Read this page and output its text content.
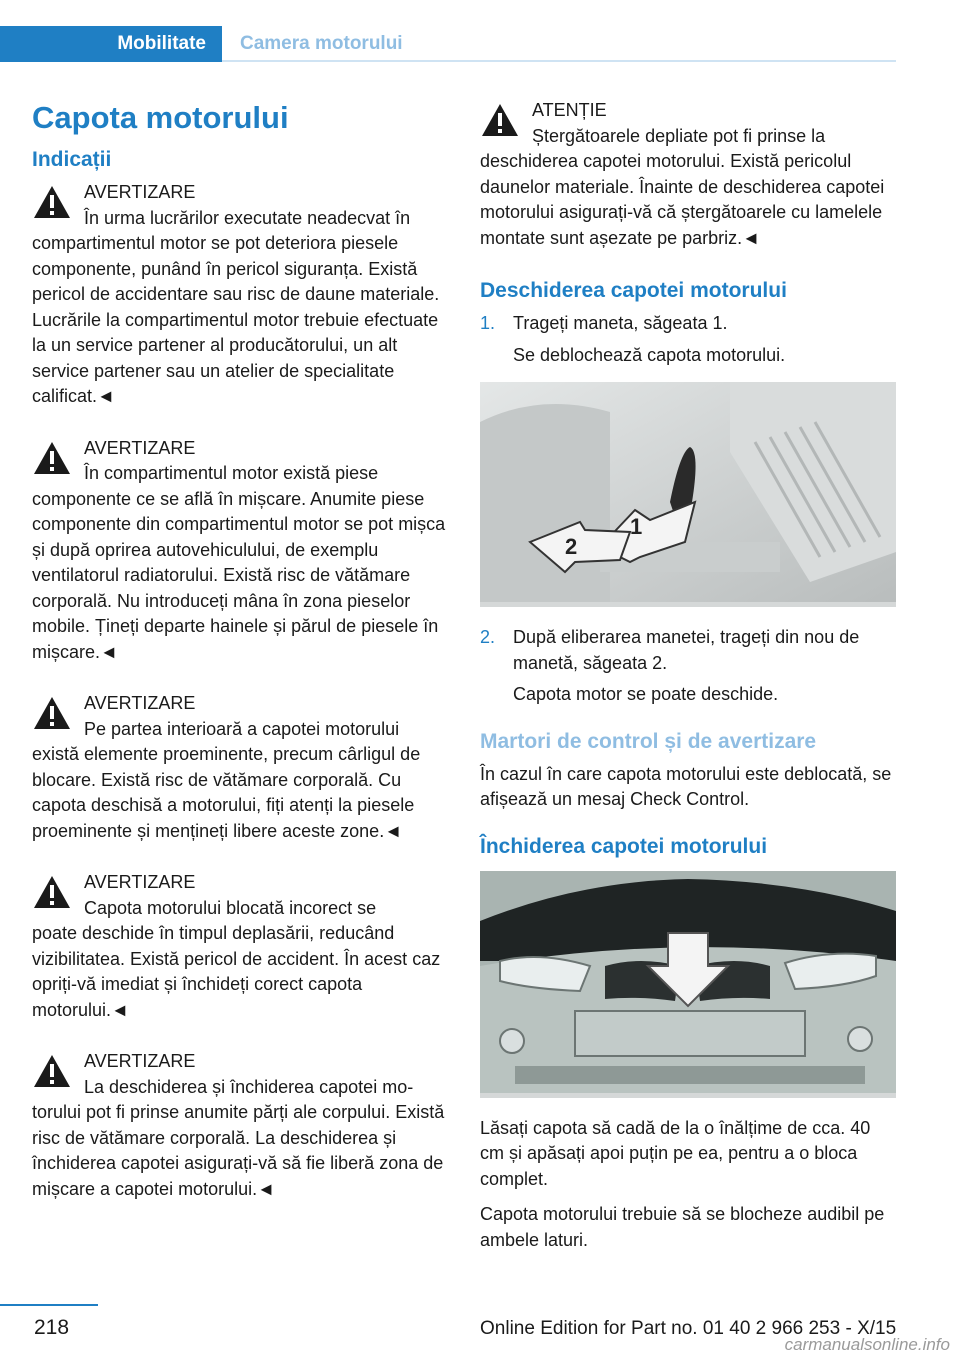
Mobilitate	Camera motorului
Capota motorului
Indicații
AVERTIZARE
În urma lucrărilor executate neadecvat în
compartimentul motor se pot deteriora piesele componente, punând în pericol siguranța. Există pericol de accidentare sau risc de daune materiale. Lucrările la compartimentul motor trebuie efectuate la un service partener al producătorului, un alt service partener sau un atelier de specialitate calificat.◄
AVERTIZARE
În compartimentul motor există piese
componente ce se află în mișcare. Anumite piese componente din compartimentul motor se pot mișca și după oprirea autovehiculului, de exemplu ventilatorul radiatorului. Există risc de vătămare corporală. Nu introduceți mâna în zona pieselor mobile. Țineți departe hainele și părul de piesele în mișcare.◄
AVERTIZARE
Pe partea interioară a capotei motorului
există elemente proeminente, precum cârligul de blocare. Există risc de vătămare corporală. Cu capota deschisă a motorului, fiți atenți la piesele proeminente și mențineți libere aceste zone.◄
AVERTIZARE
Capota motorului blocată incorect se
poate deschide în timpul deplasării, reducând vizibilitatea. Există pericol de accident. În acest caz opriți-vă imediat și închideți corect capota motorului.◄
AVERTIZARE
La deschiderea și închiderea capotei mo-
torului pot fi prinse anumite părți ale corpului. Există risc de vătămare corporală. La deschiderea și închiderea capotei asigurați-vă să fie liberă zona de mișcare a capotei motorului.◄
ATENȚIE
Ștergătoarele depliate pot fi prinse la
deschiderea capotei motorului. Există pericolul daunelor materiale. Înainte de deschiderea capotei motorului asigurați-vă că ștergătoarele cu lamelele montate sunt așezate pe parbriz.◄
Deschiderea capotei motorului
1. Trageți maneta, săgeata 1.
Se deblochează capota motorului.
1
2
2. După eliberarea manetei, trageți din nou de manetă, săgeata 2.
Capota motor se poate deschide.
Martori de control și de avertizare

În cazul în care capota motorului este deblocată, se afișează un mesaj Check Control.

Închiderea capotei motorului

Lăsați capota să cadă de la o înălțime de cca. 40 cm și apăsați apoi puțin pe ea, pentru a o bloca complet.

Capota motorului trebuie să se blocheze audibil pe ambele laturi.

218	Online Edition for Part no. 01 40 2 966 253 - X/15
carmanualsonline.info
